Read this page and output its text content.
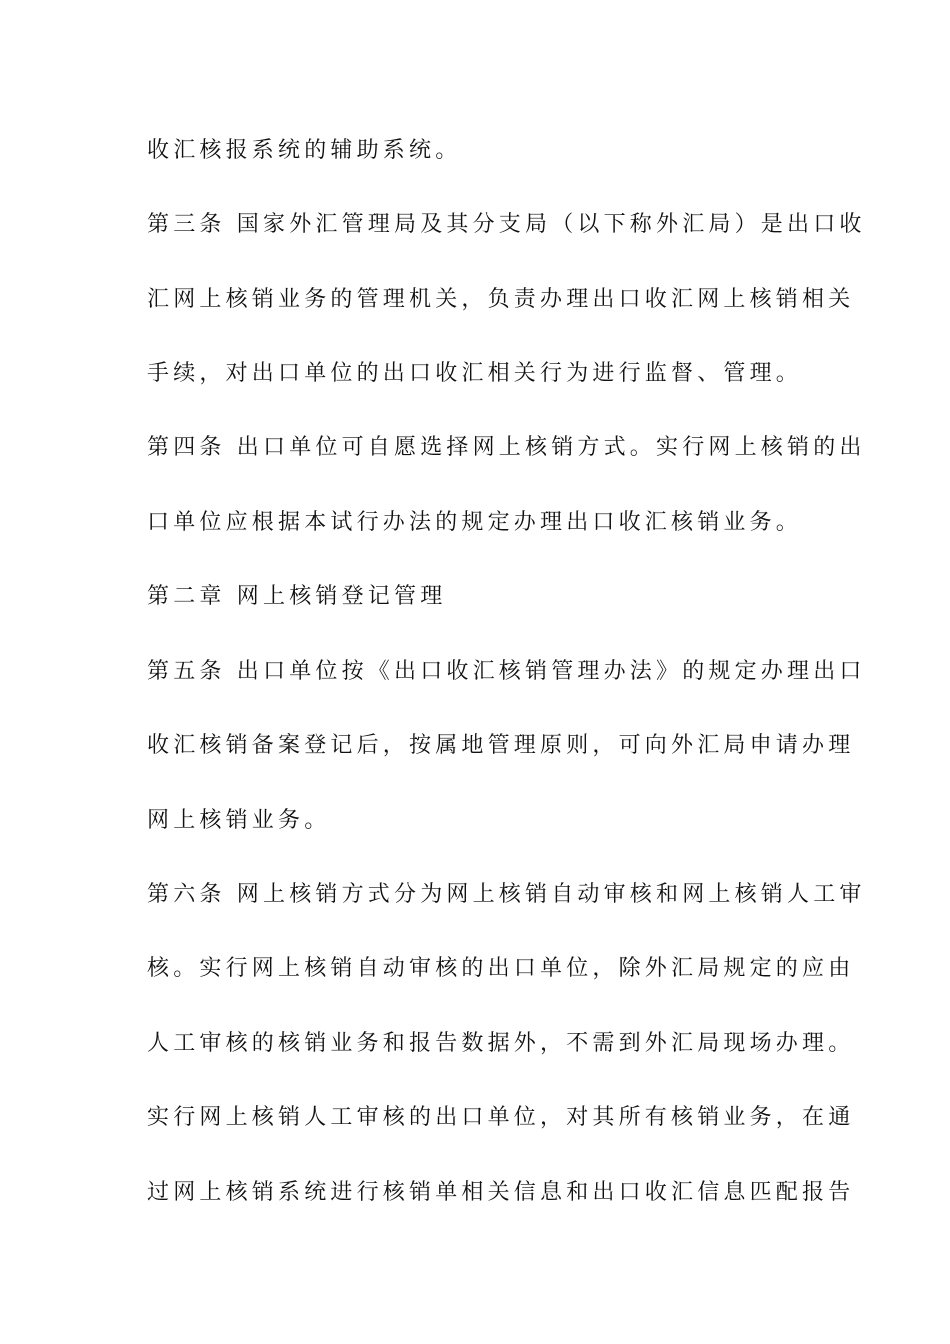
收汇核报系统的辅助系统。

第三条 国家外汇管理局及其分支局（以下称外汇局）是出口收

汇网上核销业务的管理机关，负责办理出口收汇网上核销相关

手续，对出口单位的出口收汇相关行为进行监督、管理。

第四条 出口单位可自愿选择网上核销方式。实行网上核销的出

口单位应根据本试行办法的规定办理出口收汇核销业务。

第二章 网上核销登记管理

第五条 出口单位按《出口收汇核销管理办法》的规定办理出口

收汇核销备案登记后，按属地管理原则，可向外汇局申请办理

网上核销业务。

第六条 网上核销方式分为网上核销自动审核和网上核销人工审

核。实行网上核销自动审核的出口单位，除外汇局规定的应由

人工审核的核销业务和报告数据外，不需到外汇局现场办理。

实行网上核销人工审核的出口单位，对其所有核销业务，在通

过网上核销系统进行核销单相关信息和出口收汇信息匹配报告
